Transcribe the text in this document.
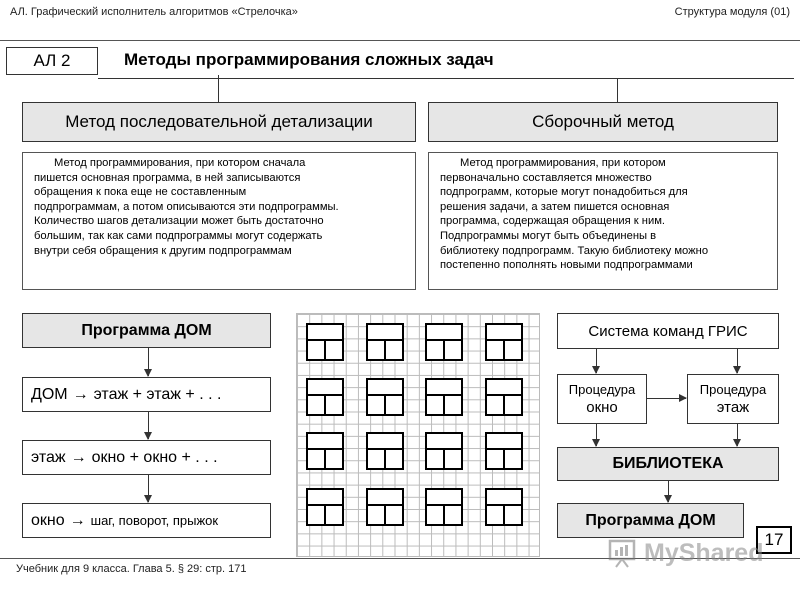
АЛ. Графический исполнитель алгоритмов «Стрелочка»	Структура модуля (01)
АЛ 2	Методы программирования сложных задач
Метод последовательной детализации	Сборочный метод
Метод программирования, при котором сначала
пишется основная программа, в ней записываются
обращения к пока еще не составленным
подпрограммам, а потом описываются эти подпрограммы.
Количество шагов детализации может быть достаточно
большим, так как сами подпрограммы могут содержать
внутри себя обращения к другим подпрограммам
Метод программирования, при котором
первоначально составляется множество
подпрограмм, которые могут понадобиться для
решения задачи, а затем пишется основная
программа, содержащая обращения к ним.
Подпрограммы могут быть объединены в
библиотеку подпрограмм. Такую библиотеку можно
постепенно пополнять новыми подпрограммами
Программа ДОМ
ДОМ → этаж + этаж + . . .
этаж → окно + окно + . . .
окно → шаг, поворот, прыжок
Система команд ГРИС
Процедура
окно
Процедура
этаж
БИБЛИОТЕКА
Программа ДОМ
17
Учебник для 9 класса. Глава 5. § 29: стр. 171
MyShared
